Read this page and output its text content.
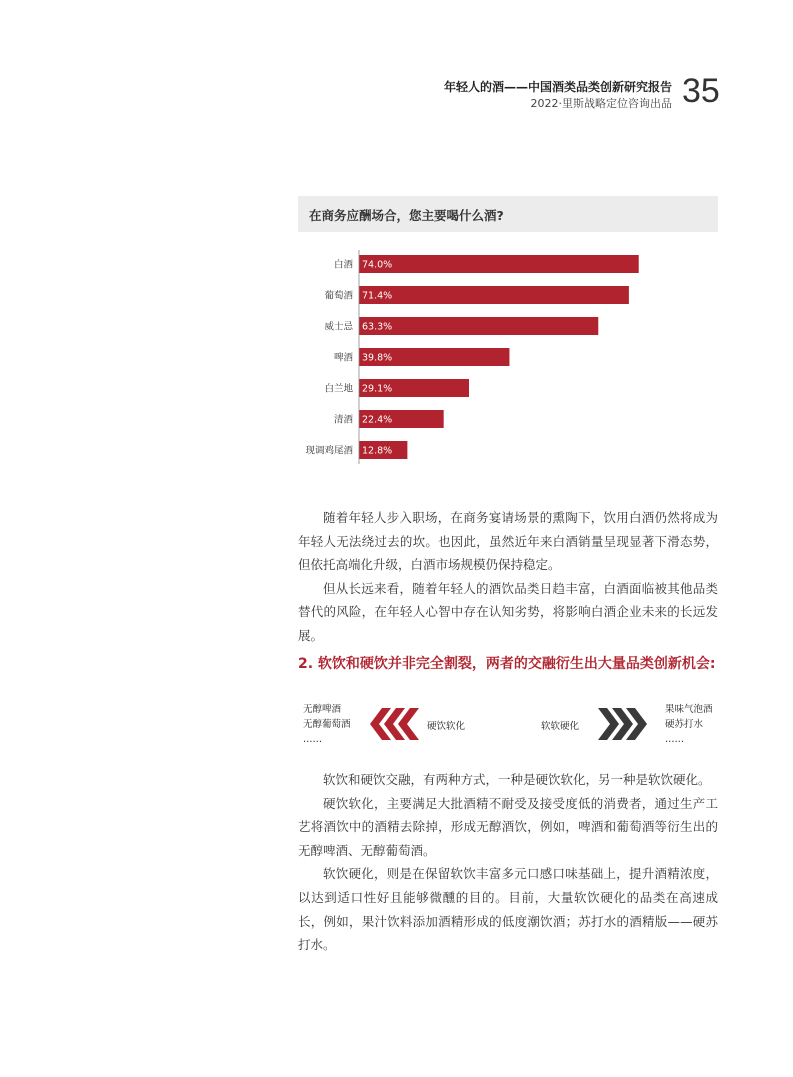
年轻人的酒——中国酒类品类创新研究报告
2022·里斯战略定位咨询出品 35
在商务应酬场合，您主要喝什么酒?
白酒 74.0%
葡萄酒 71.4%
威士忌 63.3%
啤酒 39.8%
白兰地 29.1%
清酒 22.4%
现调鸡尾酒 12.8%

随着年轻人步入职场，在商务宴请场景的熏陶下，饮用白酒仍然将成为年轻人无法绕过去的坎。也因此，虽然近年来白酒销量呈现显著下滑态势，但依托高端化升级，白酒市场规模仍保持稳定。

但从长远来看，随着年轻人的酒饮品类日趋丰富，白酒面临被其他品类替代的风险，在年轻人心智中存在认知劣势，将影响白酒企业未来的长远发展。

2. 软饮和硬饮并非完全割裂，两者的交融衍生出大量品类创新机会:
无醇啤酒
无醇葡萄酒
……
硬饮软化	软软硬化
果味气泡酒
硬苏打水
……

软饮和硬饮交融，有两种方式，一种是硬饮软化，另一种是软饮硬化。

硬饮软化，主要满足大批酒精不耐受及接受度低的消费者，通过生产工艺将酒饮中的酒精去除掉，形成无醇酒饮，例如，啤酒和葡萄酒等衍生出的无醇啤酒、无醇葡萄酒。

软饮硬化，则是在保留软饮丰富多元口感口味基础上，提升酒精浓度，以达到适口性好且能够微醺的目的。目前，大量软饮硬化的品类在高速成长，例如，果汁饮料添加酒精形成的低度潮饮酒；苏打水的酒精版——硬苏打水。
